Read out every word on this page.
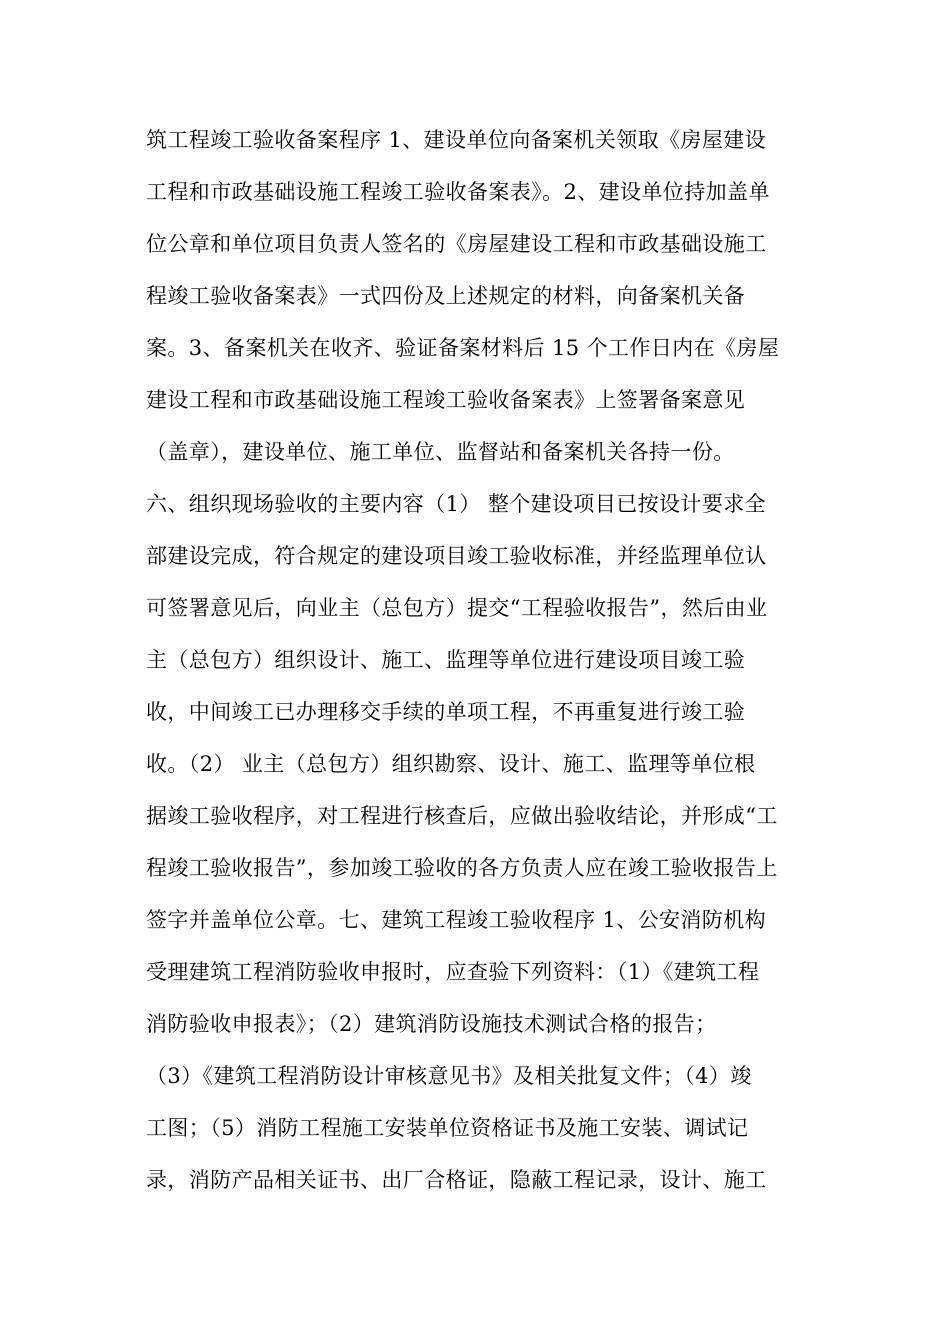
筑工程竣工验收备案程序 1、建设单位向备案机关领取《房屋建设
工程和市政基础设施工程竣工验收备案表》。2、建设单位持加盖单
位公章和单位项目负责人签名的《房屋建设工程和市政基础设施工
程竣工验收备案表》一式四份及上述规定的材料，向备案机关备
案。3、备案机关在收齐、验证备案材料后 15 个工作日内在《房屋
建设工程和市政基础设施工程竣工验收备案表》上签署备案意见
（盖章），建设单位、施工单位、监督站和备案机关各持一份。
六、组织现场验收的主要内容（1） 整个建设项目已按设计要求全
部建设完成，符合规定的建设项目竣工验收标准，并经监理单位认
可签署意见后，向业主（总包方）提交“工程验收报告”，然后由业
主（总包方）组织设计、施工、监理等单位进行建设项目竣工验
收，中间竣工已办理移交手续的单项工程，不再重复进行竣工验
收。（2） 业主（总包方）组织勘察、设计、施工、监理等单位根
据竣工验收程序，对工程进行核查后，应做出验收结论，并形成“工
程竣工验收报告”，参加竣工验收的各方负责人应在竣工验收报告上
签字并盖单位公章。七、建筑工程竣工验收程序 1、公安消防机构
受理建筑工程消防验收申报时，应查验下列资料：（1）《建筑工程
消防验收申报表》；（2）建筑消防设施技术测试合格的报告；
（3）《建筑工程消防设计审核意见书》及相关批复文件；（4）竣
工图；（5）消防工程施工安装单位资格证书及施工安装、调试记
录，消防产品相关证书、出厂合格证，隐蔽工程记录，设计、施工
